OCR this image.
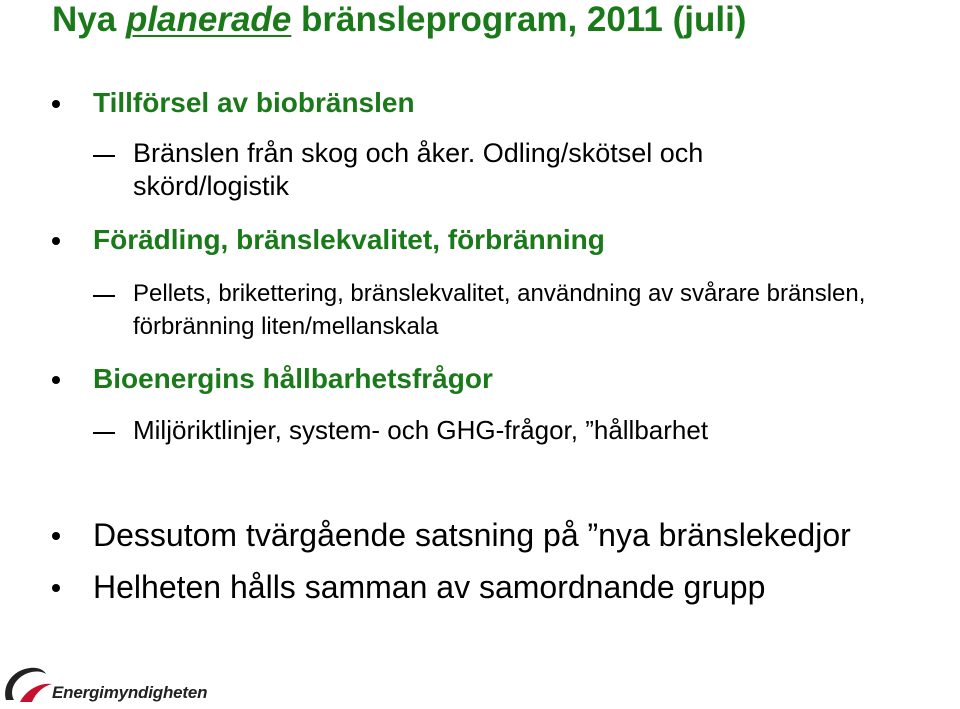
Nya planerade bränsleprogram, 2011 (juli)
Tillförsel av biobränslen
Bränslen från skog och åker. Odling/skötsel och skörd/logistik
Förädling, bränslekvalitet, förbränning
Pellets, brikettering, bränslekvalitet, användning av svårare bränslen, förbränning liten/mellanskala
Bioenergins hållbarhetsfrågor
Miljöriktlinjer, system- och GHG-frågor, ”hållbarhet
Dessutom tvärgående satsning på ”nya bränslekedjor
Helheten hålls samman av samordnande grupp
Energimyndigheten
